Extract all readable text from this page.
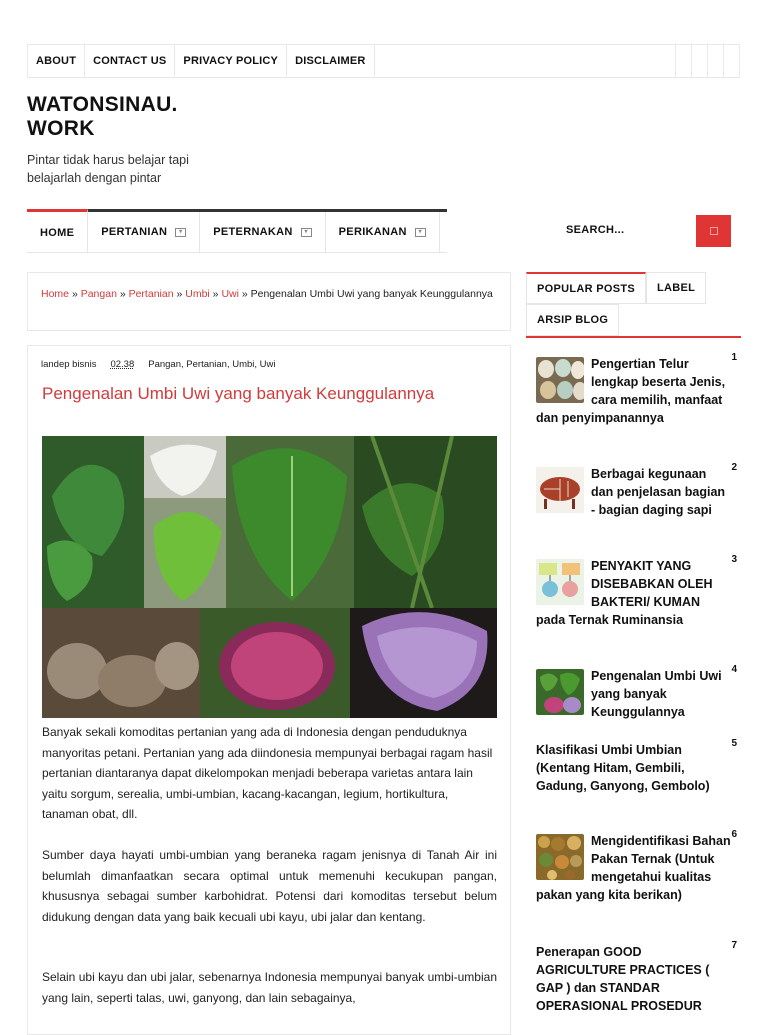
ABOUT	CONTACT US	PRIVACY POLICY	DISCLAIMER
WATONSINAU.
WORK
Pintar tidak harus belajar tapi belajarlah dengan pintar
HOME PERTANIAN	▾	PETERNAKAN	▾	PERIKANAN	▾	SEARCH...
Home » Pangan » Pertanian » Umbi » Uwi » Pengenalan Umbi Uwi yang banyak Keunggulannya
landep bisnis 02.38 Pangan, Pertanian, Umbi, Uwi
Pengenalan Umbi Uwi yang banyak Keunggulannya

Banyak sekali komoditas pertanian yang ada di Indonesia dengan penduduknya manyoritas petani. Pertanian yang ada diindonesia mempunyai berbagai ragam hasil pertanian diantaranya dapat dikelompokan menjadi beberapa varietas antara lain yaitu sorgum, serealia, umbi-umbian, kacang-kacangan, legium, hortikultura, tanaman obat, dll.

Sumber daya hayati umbi-umbian yang beraneka ragam jenisnya di Tanah Air ini belumlah dimanfaatkan secara optimal untuk memenuhi kecukupan pangan, khususnya sebagai sumber karbohidrat. Potensi dari komoditas tersebut belum didukung dengan data yang baik kecuali ubi kayu, ubi jalar dan kentang.

Selain ubi kayu dan ubi jalar, sebenarnya Indonesia mempunyai banyak umbi-umbian yang lain, seperti talas, uwi, ganyong, dan lain sebagainya,

POPULAR POSTS	LABEL
ARSIP BLOG
1
Pengertian Telur lengkap beserta Jenis, cara memilih, manfaat dan penyimpanannya
2
Berbagai kegunaan dan penjelasan bagian - bagian daging sapi
3
PENYAKIT YANG DISEBABKAN OLEH BAKTERI/ KUMAN pada Ternak Ruminansia
4
Pengenalan Umbi Uwi yang banyak Keunggulannya
5
Klasifikasi Umbi Umbian (Kentang Hitam, Gembili, Gadung, Ganyong, Gembolo)
6
Mengidentifikasi Bahan Pakan Ternak (Untuk mengetahui kualitas pakan yang kita berikan)
7
Penerapan GOOD AGRICULTURE PRACTICES ( GAP ) dan STANDAR OPERASIONAL PROSEDUR
